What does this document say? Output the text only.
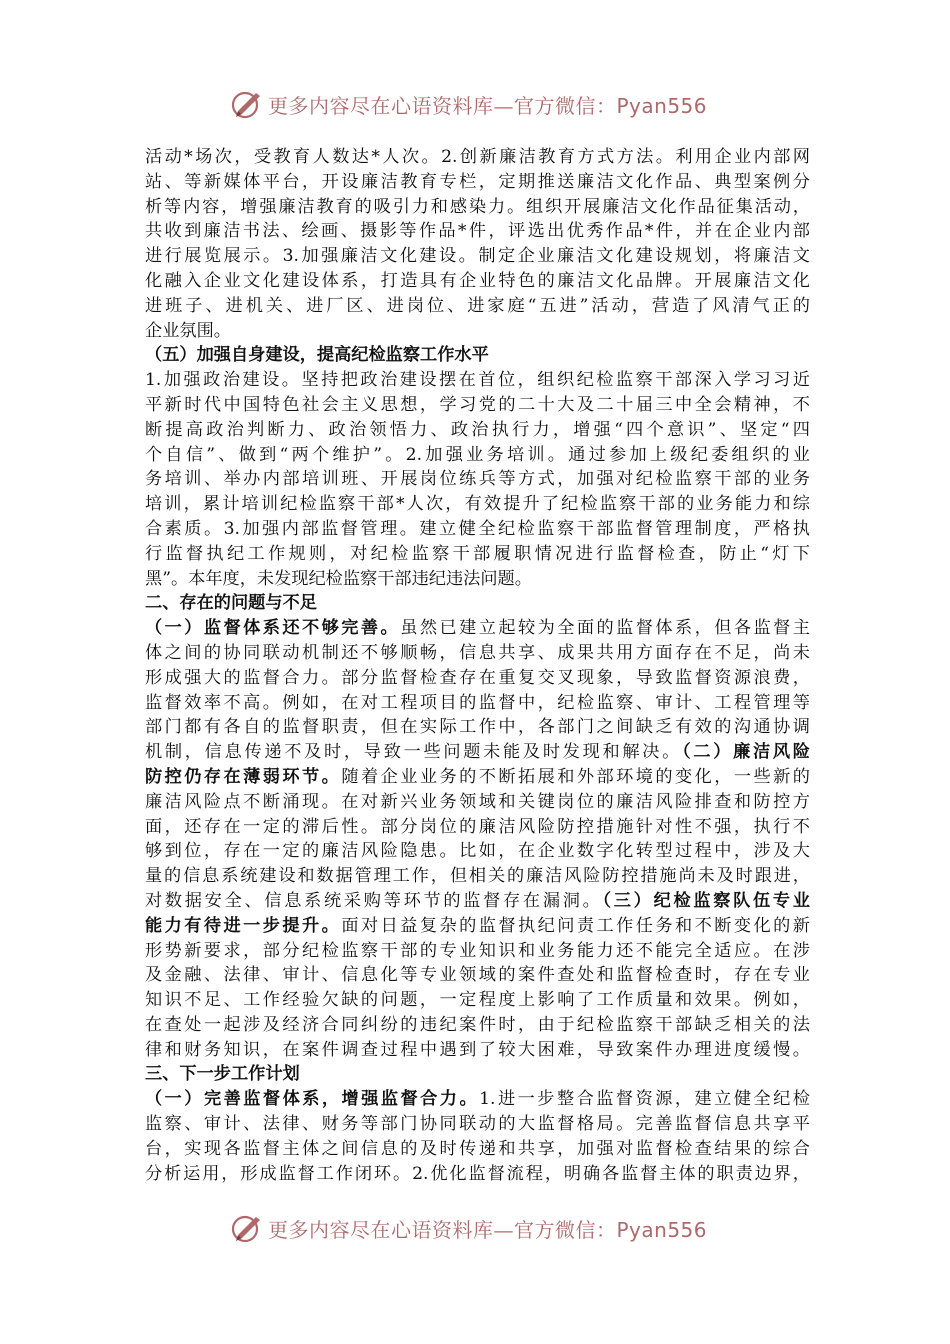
更多内容尽在心语资料库—官方微信：Pyan556
活动*场次，受教育人数达*人次。2.创新廉洁教育方式方法。利用企业内部网
站、等新媒体平台，开设廉洁教育专栏，定期推送廉洁文化作品、典型案例分
析等内容，增强廉洁教育的吸引力和感染力。组织开展廉洁文化作品征集活动，
共收到廉洁书法、绘画、摄影等作品*件，评选出优秀作品*件，并在企业内部
进行展览展示。3.加强廉洁文化建设。制定企业廉洁文化建设规划，将廉洁文
化融入企业文化建设体系，打造具有企业特色的廉洁文化品牌。开展廉洁文化
进班子、进机关、进厂区、进岗位、进家庭“五进”活动，营造了风清气正的
企业氛围。
（五）加强自身建设，提高纪检监察工作水平
1.加强政治建设。坚持把政治建设摆在首位，组织纪检监察干部深入学习习近
平新时代中国特色社会主义思想，学习党的二十大及二十届三中全会精神，不
断提高政治判断力、政治领悟力、政治执行力，增强“四个意识”、坚定“四
个自信”、做到“两个维护”。2.加强业务培训。通过参加上级纪委组织的业
务培训、举办内部培训班、开展岗位练兵等方式，加强对纪检监察干部的业务
培训，累计培训纪检监察干部*人次，有效提升了纪检监察干部的业务能力和综
合素质。3.加强内部监督管理。建立健全纪检监察干部监督管理制度，严格执
行监督执纪工作规则，对纪检监察干部履职情况进行监督检查，防止“灯下
黑”。本年度，未发现纪检监察干部违纪违法问题。
二、存在的问题与不足
（一）监督体系还不够完善。虽然已建立起较为全面的监督体系，但各监督主
体之间的协同联动机制还不够顺畅，信息共享、成果共用方面存在不足，尚未
形成强大的监督合力。部分监督检查存在重复交叉现象，导致监督资源浪费，
监督效率不高。例如，在对工程项目的监督中，纪检监察、审计、工程管理等
部门都有各自的监督职责，但在实际工作中，各部门之间缺乏有效的沟通协调
机制，信息传递不及时，导致一些问题未能及时发现和解决。（二）廉洁风险
防控仍存在薄弱环节。随着企业业务的不断拓展和外部环境的变化，一些新的
廉洁风险点不断涌现。在对新兴业务领域和关键岗位的廉洁风险排查和防控方
面，还存在一定的滞后性。部分岗位的廉洁风险防控措施针对性不强，执行不
够到位，存在一定的廉洁风险隐患。比如，在企业数字化转型过程中，涉及大
量的信息系统建设和数据管理工作，但相关的廉洁风险防控措施尚未及时跟进，
对数据安全、信息系统采购等环节的监督存在漏洞。（三）纪检监察队伍专业
能力有待进一步提升。面对日益复杂的监督执纪问责工作任务和不断变化的新
形势新要求，部分纪检监察干部的专业知识和业务能力还不能完全适应。在涉
及金融、法律、审计、信息化等专业领域的案件查处和监督检查时，存在专业
知识不足、工作经验欠缺的问题，一定程度上影响了工作质量和效果。例如，
在查处一起涉及经济合同纠纷的违纪案件时，由于纪检监察干部缺乏相关的法
律和财务知识，在案件调查过程中遇到了较大困难，导致案件办理进度缓慢。
三、下一步工作计划
（一）完善监督体系，增强监督合力。1.进一步整合监督资源，建立健全纪检
监察、审计、法律、财务等部门协同联动的大监督格局。完善监督信息共享平
台，实现各监督主体之间信息的及时传递和共享，加强对监督检查结果的综合
分析运用，形成监督工作闭环。2.优化监督流程，明确各监督主体的职责边界，
更多内容尽在心语资料库—官方微信：Pyan556
